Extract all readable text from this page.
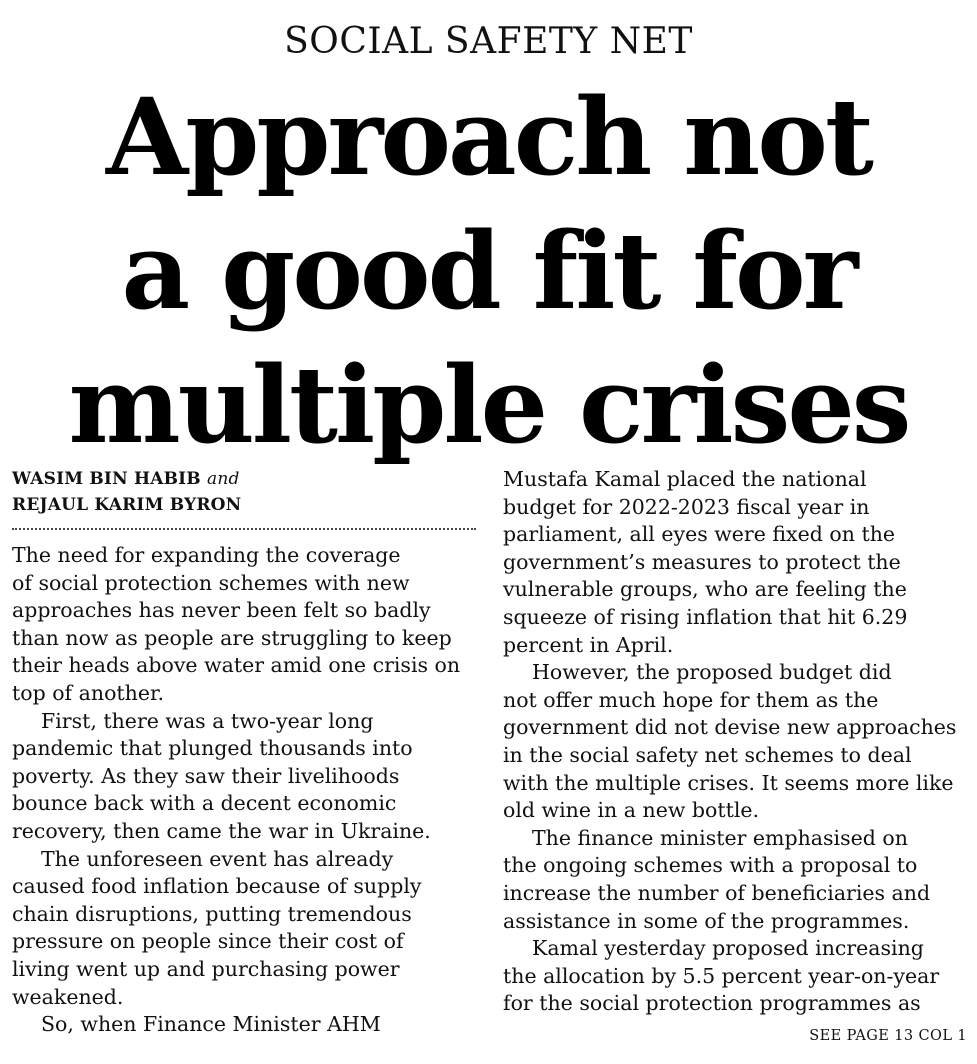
SOCIAL SAFETY NET
Approach not
a good fit for
multiple crises
WASIM BIN HABIB and
REJAUL KARIM BYRON

The need for expanding the coverage
of social protection schemes with new
approaches has never been felt so badly
than now as people are struggling to keep
their heads above water amid one crisis on
top of another.

First, there was a two-year long
pandemic that plunged thousands into
poverty. As they saw their livelihoods
bounce back with a decent economic
recovery, then came the war in Ukraine.

The unforeseen event has already
caused food inflation because of supply
chain disruptions, putting tremendous
pressure on people since their cost of
living went up and purchasing power
weakened.

So, when Finance Minister AHM

Mustafa Kamal placed the national
budget for 2022-2023 fiscal year in
parliament, all eyes were fixed on the
government’s measures to protect the
vulnerable groups, who are feeling the
squeeze of rising inflation that hit 6.29
percent in April.

However, the proposed budget did
not offer much hope for them as the
government did not devise new approaches
in the social safety net schemes to deal
with the multiple crises. It seems more like
old wine in a new bottle.

The finance minister emphasised on
the ongoing schemes with a proposal to
increase the number of beneficiaries and
assistance in some of the programmes.

Kamal yesterday proposed increasing
the allocation by 5.5 percent year-on-year
for the social protection programmes as

SEE PAGE 13 COL 1
